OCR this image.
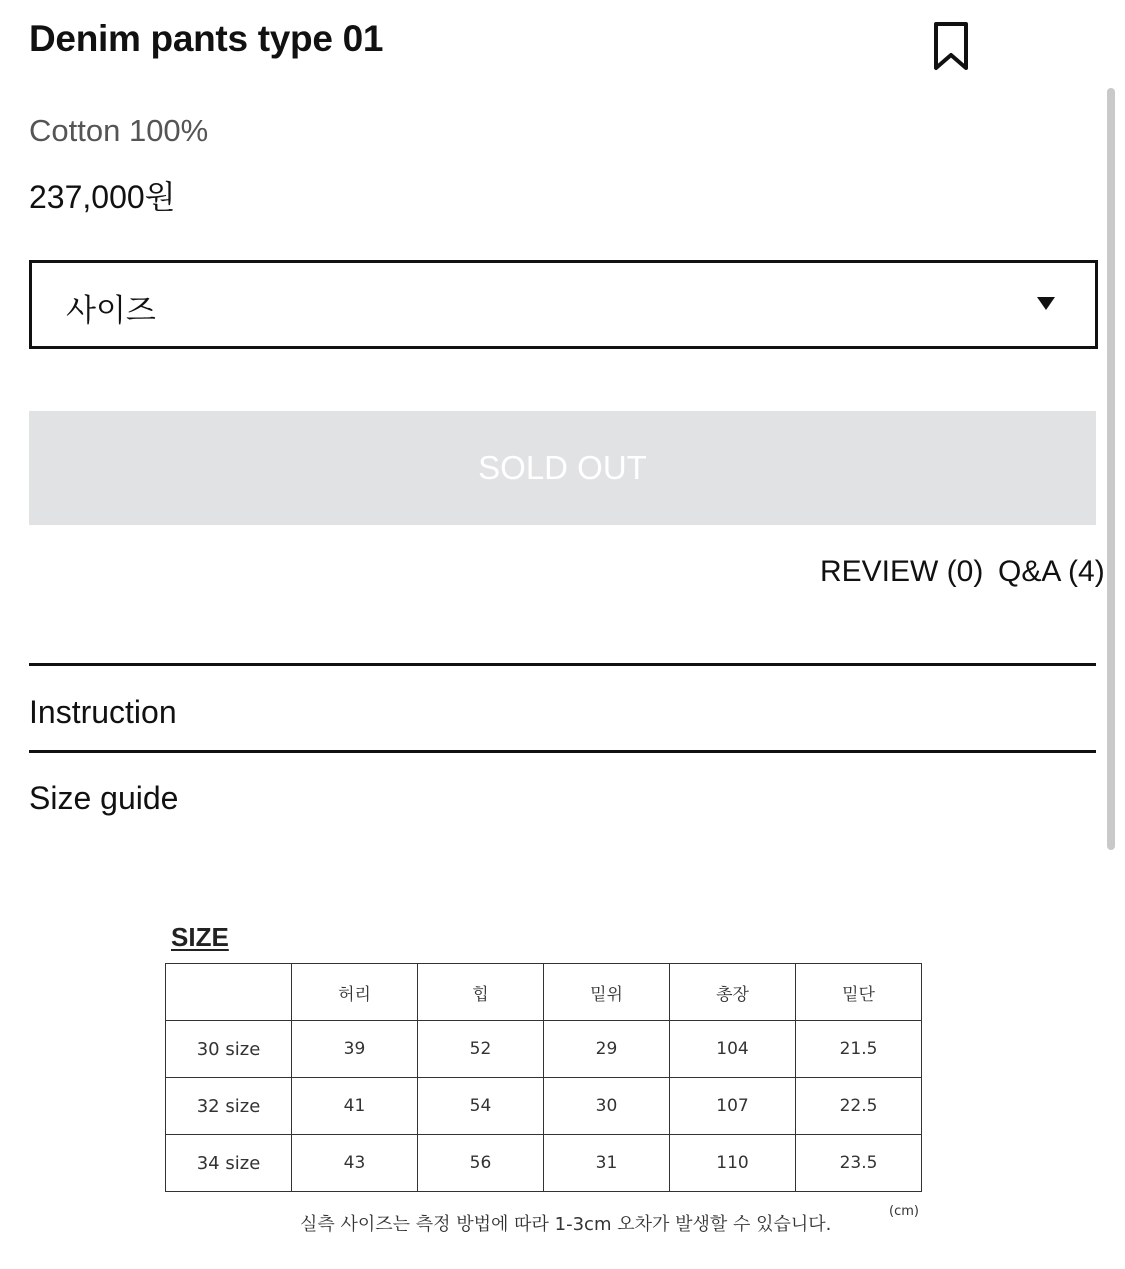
Denim pants type 01
Cotton 100%
237,000원
사이즈
SOLD OUT
REVIEW (0) Q&A (4)
Instruction
Size guide
SIZE
	허리	힙	밑위	총장	밑단
30 size	39	52	29	104	21.5
32 size	41	54	30	107	22.5
34 size	43	56	31	110	23.5
실측 사이즈는 측정 방법에 따라 1-3cm 오차가 발생할 수 있습니다.
(cm)
